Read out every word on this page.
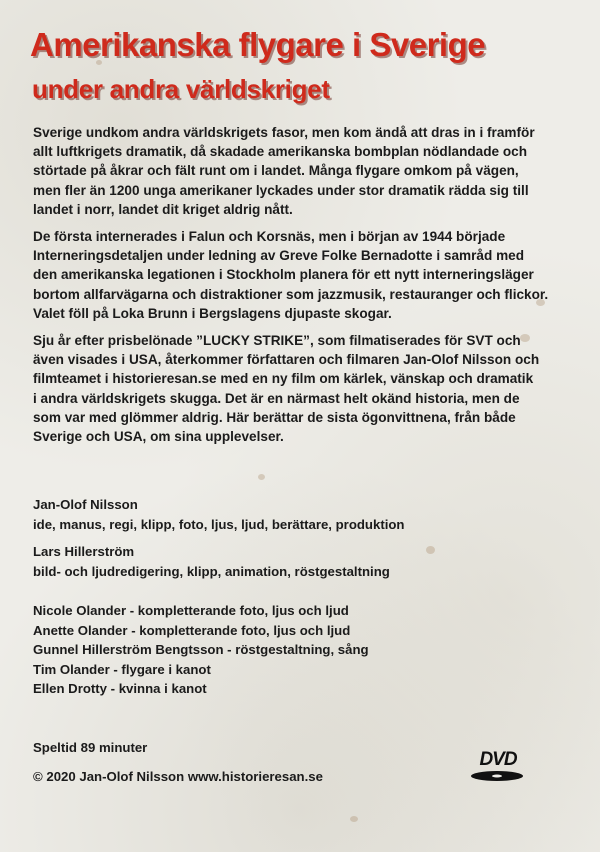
Amerikanska flygare i Sverige
under andra världskriget

Sverige undkom andra världskrigets fasor, men kom ändå att dras in i framför
allt luftkrigets dramatik, då skadade amerikanska bombplan nödlandade och
störtade på åkrar och fält runt om i landet. Många flygare omkom på vägen,
men fler än 1200 unga amerikaner lyckades under stor dramatik rädda sig till
landet i norr, landet dit kriget aldrig nått.

De första internerades i Falun och Korsnäs, men i början av 1944 började
Interneringsdetaljen under ledning av Greve Folke Bernadotte i samråd med
den amerikanska legationen i Stockholm planera för ett nytt interneringsläger
bortom allfarvägarna och distraktioner som jazzmusik, restauranger och flickor.
Valet föll på Loka Brunn i Bergslagens djupaste skogar.

Sju år efter prisbelönade ”LUCKY STRIKE”, som filmatiserades för SVT och
även visades i USA, återkommer författaren och filmaren Jan-Olof Nilsson och
filmteamet i historieresan.se med en ny film om kärlek, vänskap och dramatik
i andra världskrigets skugga. Det är en närmast helt okänd historia, men de
som var med glömmer aldrig. Här berättar de sista ögonvittnena, från både
Sverige och USA, om sina upplevelser.

Jan-Olof Nilsson
ide, manus, regi, klipp, foto, ljus, ljud, berättare, produktion
Lars Hillerström
bild- och ljudredigering, klipp, animation, röstgestaltning
Nicole Olander - kompletterande foto, ljus och ljud
Anette Olander - kompletterande foto, ljus och ljud
Gunnel Hillerström Bengtsson - röstgestaltning, sång
Tim Olander - flygare i kanot
Ellen Drotty - kvinna i kanot
Speltid 89 minuter
© 2020 Jan-Olof Nilsson www.historieresan.se
DVD
